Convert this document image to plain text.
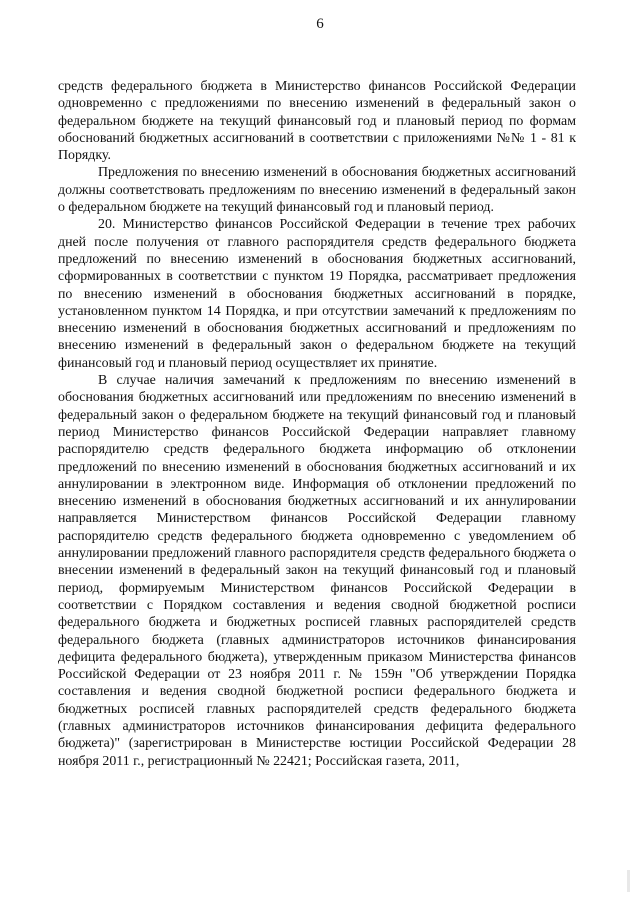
6

средств федерального бюджета в Министерство финансов Российской Федерации одновременно с предложениями по внесению изменений в федеральный закон о федеральном бюджете на текущий финансовый год и плановый период по формам обоснований бюджетных ассигнований в соответствии с приложениями №№ 1 - 81 к Порядку.

Предложения по внесению изменений в обоснования бюджетных ассигнований должны соответствовать предложениям по внесению изменений в федеральный закон о федеральном бюджете на текущий финансовый год и плановый период.

20. Министерство финансов Российской Федерации в течение трех рабочих дней после получения от главного распорядителя средств федерального бюджета предложений по внесению изменений в обоснования бюджетных ассигнований, сформированных в соответствии с пунктом 19 Порядка, рассматривает предложения по внесению изменений в обоснования бюджетных ассигнований в порядке, установленном пунктом 14 Порядка, и при отсутствии замечаний к предложениям по внесению изменений в обоснования бюджетных ассигнований и предложениям по внесению изменений в федеральный закон о федеральном бюджете на текущий финансовый год и плановый период осуществляет их принятие.

В случае наличия замечаний к предложениям по внесению изменений в обоснования бюджетных ассигнований или предложениям по внесению изменений в федеральный закон о федеральном бюджете на текущий финансовый год и плановый период Министерство финансов Российской Федерации направляет главному распорядителю средств федерального бюджета информацию об отклонении предложений по внесению изменений в обоснования бюджетных ассигнований и их аннулировании в электронном виде. Информация об отклонении предложений по внесению изменений в обоснования бюджетных ассигнований и их аннулировании направляется Министерством финансов Российской Федерации главному распорядителю средств федерального бюджета одновременно с уведомлением об аннулировании предложений главного распорядителя средств федерального бюджета о внесении изменений в федеральный закон на текущий финансовый год и плановый период, формируемым Министерством финансов Российской Федерации в соответствии с Порядком составления и ведения сводной бюджетной росписи федерального бюджета и бюджетных росписей главных распорядителей средств федерального бюджета (главных администраторов источников финансирования дефицита федерального бюджета), утвержденным приказом Министерства финансов Российской Федерации от 23 ноября 2011 г. № 159н "Об утверждении Порядка составления и ведения сводной бюджетной росписи федерального бюджета и бюджетных росписей главных распорядителей средств федерального бюджета (главных администраторов источников финансирования дефицита федерального бюджета)" (зарегистрирован в Министерстве юстиции Российской Федерации 28 ноября 2011 г., регистрационный № 22421; Российская газета, 2011,
